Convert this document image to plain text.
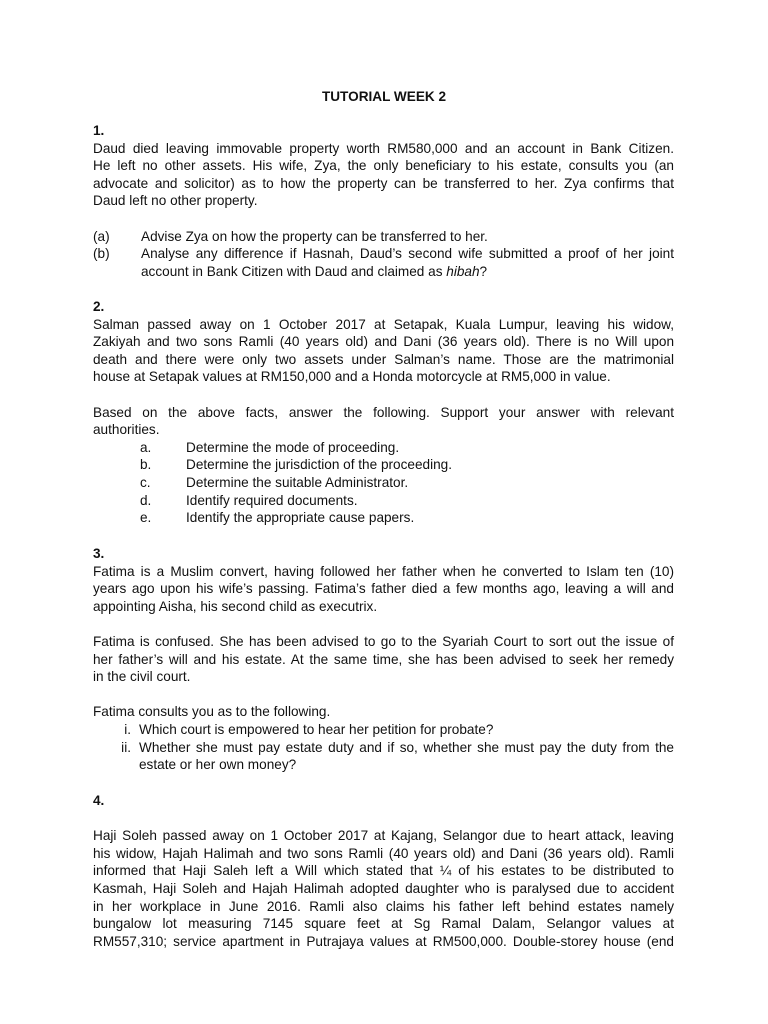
TUTORIAL WEEK 2
1.
Daud died leaving immovable property worth RM580,000 and an account in Bank Citizen.
He left no other assets. His wife, Zya, the only beneficiary to his estate, consults you (an
advocate and solicitor) as to how the property can be transferred to her. Zya confirms that
Daud left no other property.
(a)	Advise Zya on how the property can be transferred to her.
(b)	Analyse any difference if Hasnah, Daud’s second wife submitted a proof of her joint
account in Bank Citizen with Daud and claimed as hibah?
2.
Salman passed away on 1 October 2017 at Setapak, Kuala Lumpur, leaving his widow,
Zakiyah and two sons Ramli (40 years old) and Dani (36 years old). There is no Will upon
death and there were only two assets under Salman’s name. Those are the matrimonial
house at Setapak values at RM150,000 and a Honda motorcycle at RM5,000 in value.
Based on the above facts, answer the following. Support your answer with relevant
authorities.
a.	Determine the mode of proceeding.
b.	Determine the jurisdiction of the proceeding.
c.	Determine the suitable Administrator.
d.	Identify required documents.
e.	Identify the appropriate cause papers.
3.
Fatima is a Muslim convert, having followed her father when he converted to Islam ten (10)
years ago upon his wife’s passing. Fatima’s father died a few months ago, leaving a will and
appointing Aisha, his second child as executrix.
Fatima is confused. She has been advised to go to the Syariah Court to sort out the issue of
her father’s will and his estate. At the same time, she has been advised to seek her remedy
in the civil court.
Fatima consults you as to the following.
i. Which court is empowered to hear her petition for probate?
ii. Whether she must pay estate duty and if so, whether she must pay the duty from the
estate or her own money?
4.
Haji Soleh passed away on 1 October 2017 at Kajang, Selangor due to heart attack, leaving
his widow, Hajah Halimah and two sons Ramli (40 years old) and Dani (36 years old). Ramli
informed that Haji Saleh left a Will which stated that ¼ of his estates to be distributed to
Kasmah, Haji Soleh and Hajah Halimah adopted daughter who is paralysed due to accident
in her workplace in June 2016. Ramli also claims his father left behind estates namely
bungalow lot measuring 7145 square feet at Sg Ramal Dalam, Selangor values at
RM557,310; service apartment in Putrajaya values at RM500,000. Double-storey house (end
